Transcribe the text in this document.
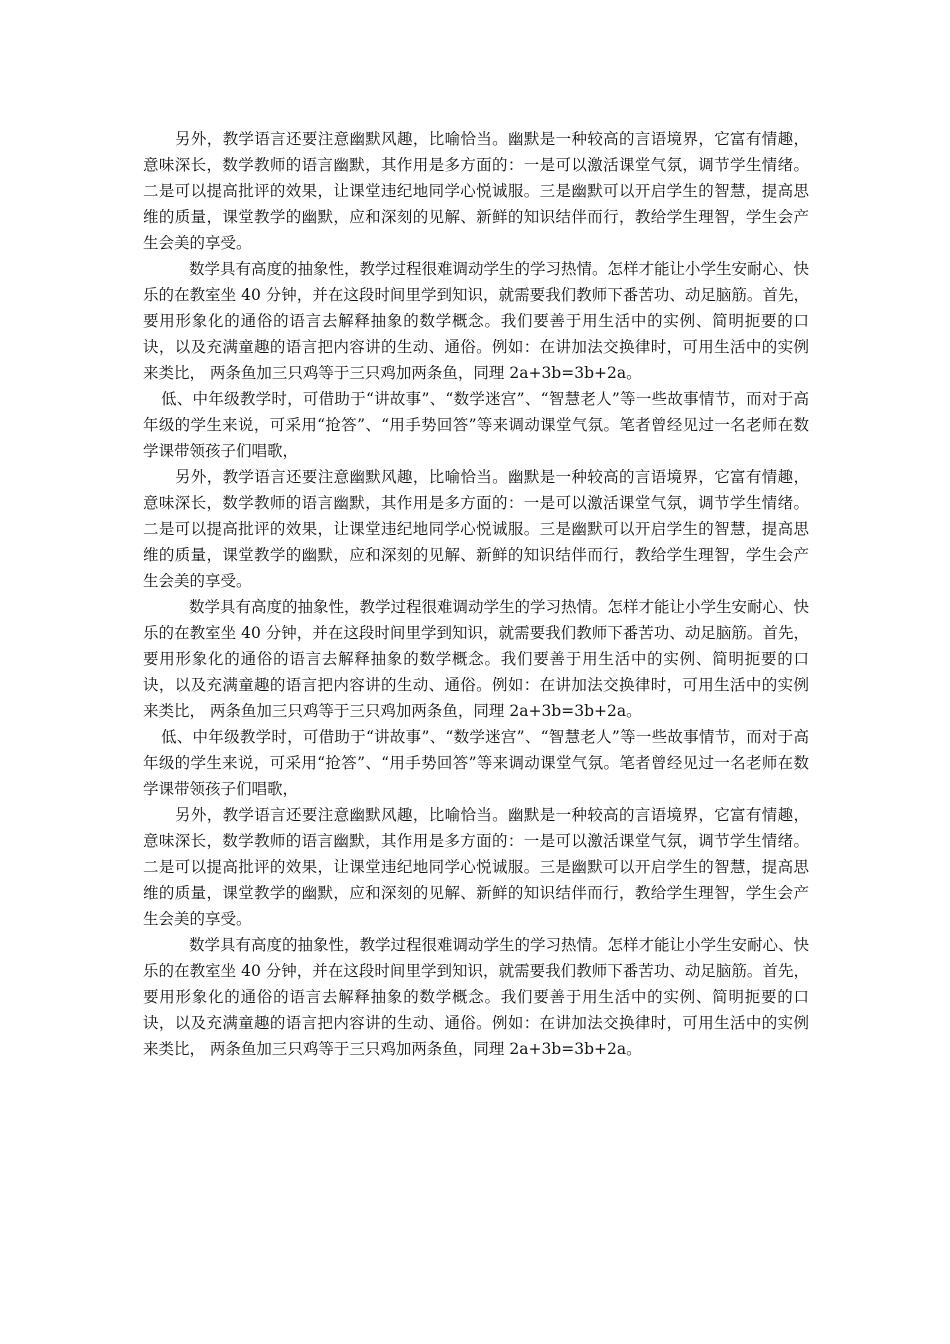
另外，教学语言还要注意幽默风趣，比喻恰当。幽默是一种较高的言语境界，它富有情趣，意味深长，数学教师的语言幽默，其作用是多方面的：一是可以激活课堂气氛，调节学生情绪。二是可以提高批评的效果，让课堂违纪地同学心悦诚服。三是幽默可以开启学生的智慧，提高思维的质量，课堂教学的幽默，应和深刻的见解、新鲜的知识结伴而行，教给学生理智，学生会产生会美的享受。

数学具有高度的抽象性，教学过程很难调动学生的学习热情。怎样才能让小学生安耐心、快乐的在教室坐 40 分钟，并在这段时间里学到知识，就需要我们教师下番苦功、动足脑筋。首先，要用形象化的通俗的语言去解释抽象的数学概念。我们要善于用生活中的实例、简明扼要的口诀，以及充满童趣的语言把内容讲的生动、通俗。例如：在讲加法交换律时，可用生活中的实例来类比， 两条鱼加三只鸡等于三只鸡加两条鱼，同理 2a+3b=3b+2a。

低、中年级教学时，可借助于“讲故事”、“数学迷宫”、“智慧老人”等一些故事情节，而对于高年级的学生来说，可采用“抢答”、“用手势回答”等来调动课堂气氛。笔者曾经见过一名老师在数学课带领孩子们唱歌，

另外，教学语言还要注意幽默风趣，比喻恰当。幽默是一种较高的言语境界，它富有情趣，意味深长，数学教师的语言幽默，其作用是多方面的：一是可以激活课堂气氛，调节学生情绪。二是可以提高批评的效果，让课堂违纪地同学心悦诚服。三是幽默可以开启学生的智慧，提高思维的质量，课堂教学的幽默，应和深刻的见解、新鲜的知识结伴而行，教给学生理智，学生会产生会美的享受。

数学具有高度的抽象性，教学过程很难调动学生的学习热情。怎样才能让小学生安耐心、快乐的在教室坐 40 分钟，并在这段时间里学到知识，就需要我们教师下番苦功、动足脑筋。首先，要用形象化的通俗的语言去解释抽象的数学概念。我们要善于用生活中的实例、简明扼要的口诀，以及充满童趣的语言把内容讲的生动、通俗。例如：在讲加法交换律时，可用生活中的实例来类比， 两条鱼加三只鸡等于三只鸡加两条鱼，同理 2a+3b=3b+2a。

低、中年级教学时，可借助于“讲故事”、“数学迷宫”、“智慧老人”等一些故事情节，而对于高年级的学生来说，可采用“抢答”、“用手势回答”等来调动课堂气氛。笔者曾经见过一名老师在数学课带领孩子们唱歌，

另外，教学语言还要注意幽默风趣，比喻恰当。幽默是一种较高的言语境界，它富有情趣，意味深长，数学教师的语言幽默，其作用是多方面的：一是可以激活课堂气氛，调节学生情绪。二是可以提高批评的效果，让课堂违纪地同学心悦诚服。三是幽默可以开启学生的智慧，提高思维的质量，课堂教学的幽默，应和深刻的见解、新鲜的知识结伴而行，教给学生理智，学生会产生会美的享受。

数学具有高度的抽象性，教学过程很难调动学生的学习热情。怎样才能让小学生安耐心、快乐的在教室坐 40 分钟，并在这段时间里学到知识，就需要我们教师下番苦功、动足脑筋。首先，要用形象化的通俗的语言去解释抽象的数学概念。我们要善于用生活中的实例、简明扼要的口诀，以及充满童趣的语言把内容讲的生动、通俗。例如：在讲加法交换律时，可用生活中的实例来类比， 两条鱼加三只鸡等于三只鸡加两条鱼，同理 2a+3b=3b+2a。
